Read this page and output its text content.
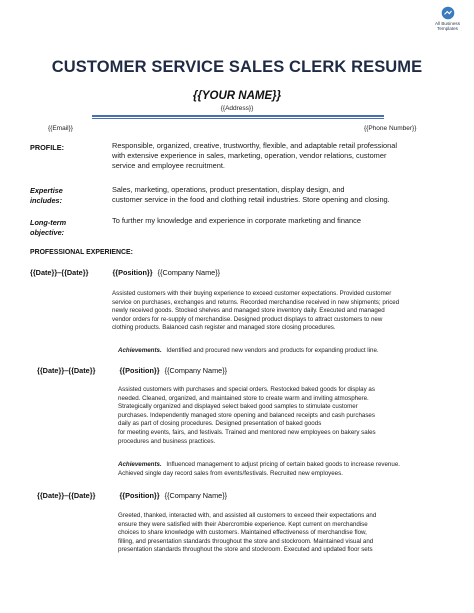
All Business
Templates
CUSTOMER SERVICE SALES CLERK RESUME
{{YOUR NAME}}
{{Address}}
{{Email}}	{{Phone Number}}
PROFILE:	Responsible, organized, creative, trustworthy, flexible, and adaptable retail professional
with extensive experience in sales, marketing, operation, vendor relations, customer
service and employee recruitment.
Expertise
includes:
Sales, marketing, operations, product presentation, display design, and
customer service in the food and clothing retail industries. Store opening and closing.
Long-term
objective:
To further my knowledge and experience in corporate marketing and finance
PROFESSIONAL EXPERIENCE:
{{Date}}–{{Date}}	{{Position}} {{Company Name}}
Assisted customers with their buying experience to exceed customer expectations. Provided customer
service on purchases, exchanges and returns. Recorded merchandise received in new shipments; priced
newly received goods. Stocked shelves and managed store inventory daily. Executed and managed
vendor orders for re-supply of merchandise. Designed product displays to attract customers to new
clothing products. Balanced cash register and managed store closing procedures.
Achievements. Identified and procured new vendors and products for expanding product line.
{{Date}}–{{Date}}	{{Position}} {{Company Name}}
Assisted customers with purchases and special orders. Restocked baked goods for display as
needed. Cleaned, organized, and maintained store to create warm and inviting atmosphere.
Strategically organized and displayed select baked good samples to stimulate customer
purchases. Independently managed store opening and balanced receipts and cash purchases
daily as part of closing procedures. Designed presentation of baked goods
for meeting events, fairs, and festivals. Trained and mentored new employees on bakery sales
procedures and business practices.
Achievements. Influenced management to adjust pricing of certain baked goods to increase revenue.
Achieved single day record sales from events/festivals. Recruited new employees.
{{Date}}–{{Date}}	{{Position}} {{Company Name}}
Greeted, thanked, interacted with, and assisted all customers to exceed their expectations and
ensure they were satisfied with their Abercrombie experience. Kept current on merchandise
choices to share knowledge with customers. Maintained effectiveness of merchandise flow,
filling, and presentation standards throughout the store and stockroom. Maintained visual and
presentation standards throughout the store and stockroom. Executed and updated floor sets
